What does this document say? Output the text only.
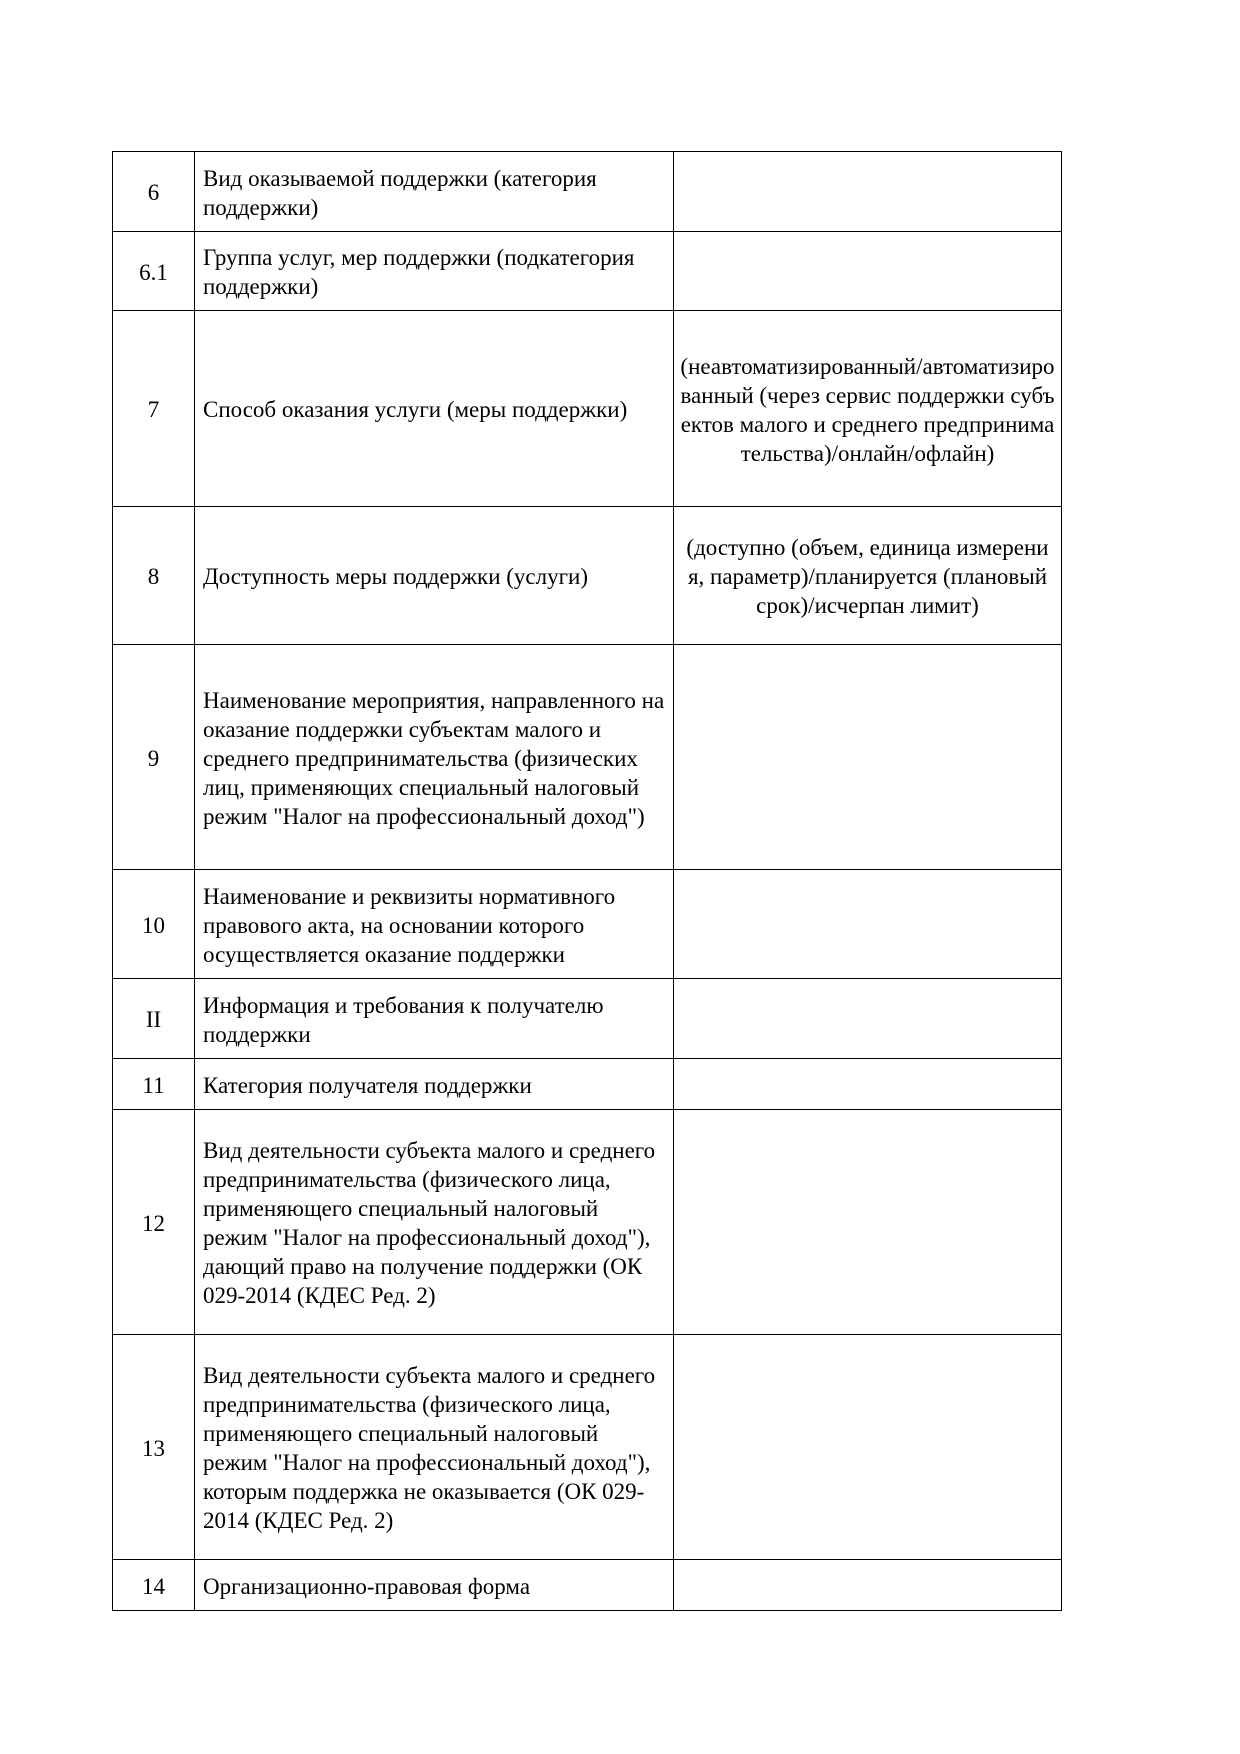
6	Вид оказываемой поддержки (категория поддержки)	
6.1	Группа услуг, мер поддержки (подкатегория поддержки)	
7	Способ оказания услуги (меры поддержки)	(неавтоматизированный/автоматизированный (через сервис поддержки субъектов малого и среднего предпринимательства)/онлайн/офлайн)
8	Доступность меры поддержки (услуги)	(доступно (объем, единица измерения, параметр)/планируется (плановый срок)/исчерпан лимит)
9	Наименование мероприятия, направленного на оказание поддержки субъектам малого и среднего предпринимательства (физических лиц, применяющих специальный налоговый режим "Налог на профессиональный доход")	
10	Наименование и реквизиты нормативного правового акта, на основании которого осуществляется оказание поддержки	
II	Информация и требования к получателю поддержки	
11	Категория получателя поддержки	
12	Вид деятельности субъекта малого и среднего предпринимательства (физического лица, применяющего специальный налоговый режим "Налог на профессиональный доход"), дающий право на получение поддержки (ОК 029-2014 (КДЕС Ред. 2)	
13	Вид деятельности субъекта малого и среднего предпринимательства (физического лица, применяющего специальный налоговый режим "Налог на профессиональный доход"), которым поддержка не оказывается (ОК 029-2014 (КДЕС Ред. 2)	
14	Организационно-правовая форма	
